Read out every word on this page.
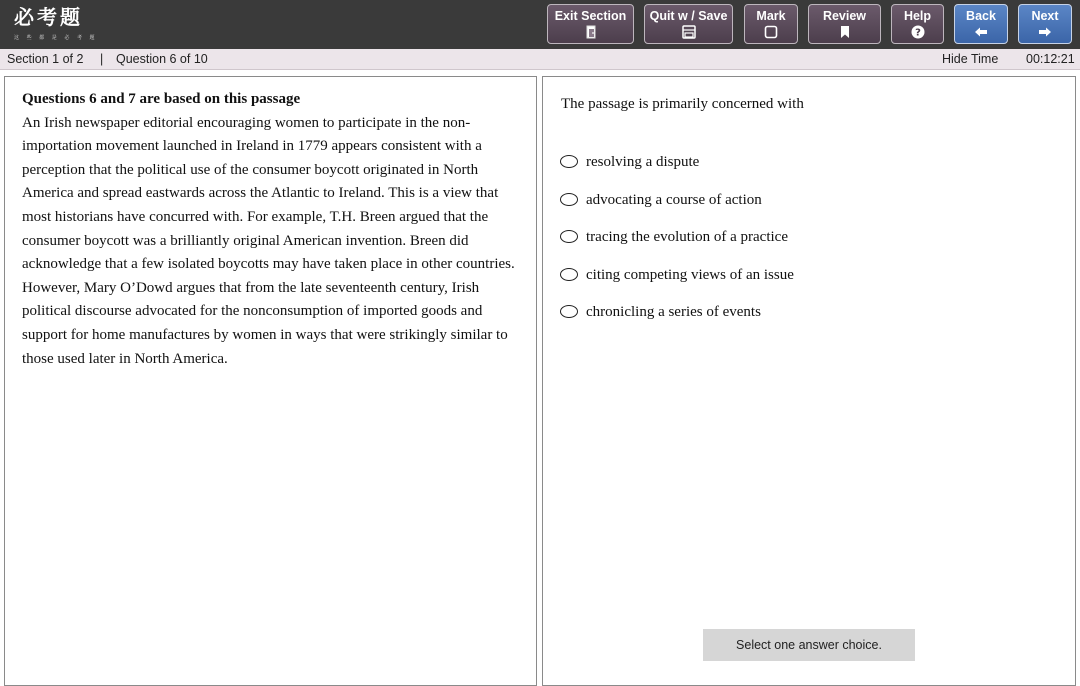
必考题
这 些 都 是 必 考 题
Exit Section	Quit w / Save	Mark	Review	Help
?
Back	Next
Section 1 of 2 | Question 6 of 10	Hide Time 00:12:21
Questions 6 and 7 are based on this passage
An Irish newspaper editorial encouraging women to participate in the non-importation movement launched in Ireland in 1779 appears consistent with a perception that the political use of the consumer boycott originated in North America and spread eastwards across the Atlantic to Ireland. This is a view that most historians have concurred with. For example, T.H. Breen argued that the consumer boycott was a brilliantly original American invention. Breen did acknowledge that a few isolated boycotts may have taken place in other countries. However, Mary O’Dowd argues that from the late seventeenth century, Irish political discourse advocated for the nonconsumption of imported goods and support for home manufactures by women in ways that were strikingly similar to those used later in North America.
The passage is primarily concerned with
resolving a dispute
advocating a course of action
tracing the evolution of a practice
citing competing views of an issue
chronicling a series of events
Select one answer choice.
